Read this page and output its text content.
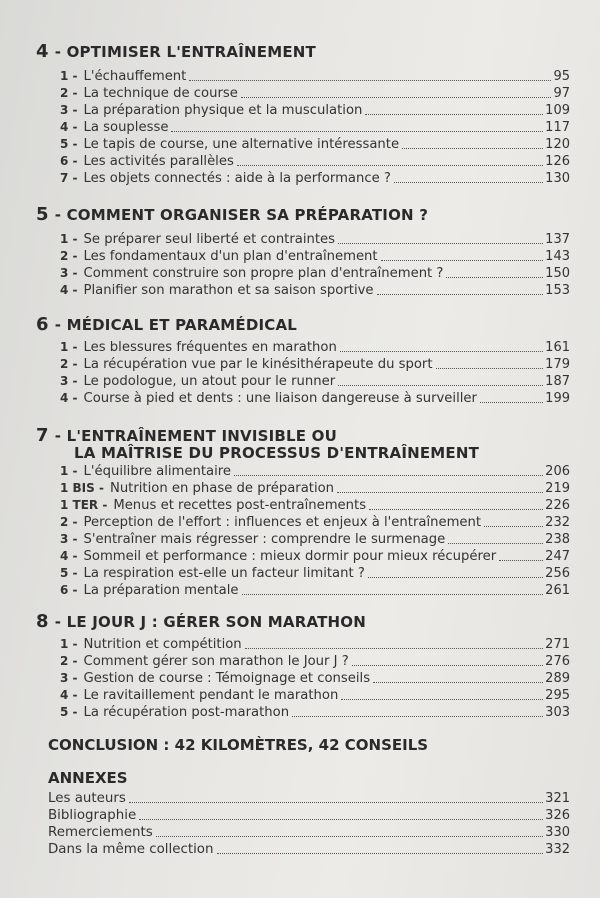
4 - OPTIMISER L'ENTRAÎNEMENT
1 - L'échauffement	95
2 - La technique de course	97
3 - La préparation physique et la musculation	109
4 - La souplesse	117
5 - Le tapis de course, une alternative intéressante	120
6 - Les activités parallèles	126
7 - Les objets connectés : aide à la performance ?	130
5 - COMMENT ORGANISER SA PRÉPARATION ?
1 - Se préparer seul liberté et contraintes	137
2 - Les fondamentaux d'un plan d'entraînement	143
3 - Comment construire son propre plan d'entraînement ?	150
4 - Planifier son marathon et sa saison sportive	153
6 - MÉDICAL ET PARAMÉDICAL
1 - Les blessures fréquentes en marathon	161
2 - La récupération vue par le kinésithérapeute du sport	179
3 - Le podologue, un atout pour le runner	187
4 - Course à pied et dents : une liaison dangereuse à surveiller	199
7 - L'ENTRAÎNEMENT INVISIBLE OU
LA MAÎTRISE DU PROCESSUS D'ENTRAÎNEMENT
1 - L'équilibre alimentaire	206
1 BIS - Nutrition en phase de préparation	219
1 TER - Menus et recettes post-entraînements	226
2 - Perception de l'effort : influences et enjeux à l'entraînement	232
3 - S'entraîner mais régresser : comprendre le surmenage	238
4 - Sommeil et performance : mieux dormir pour mieux récupérer	247
5 - La respiration est-elle un facteur limitant ?	256
6 - La préparation mentale	261
8 - LE JOUR J : GÉRER SON MARATHON
1 - Nutrition et compétition	271
2 - Comment gérer son marathon le Jour J ?	276
3 - Gestion de course : Témoignage et conseils	289
4 - Le ravitaillement pendant le marathon	295
5 - La récupération post-marathon	303
CONCLUSION : 42 KILOMÈTRES, 42 CONSEILS
ANNEXES
Les auteurs	321
Bibliographie	326
Remerciements	330
Dans la même collection	332
